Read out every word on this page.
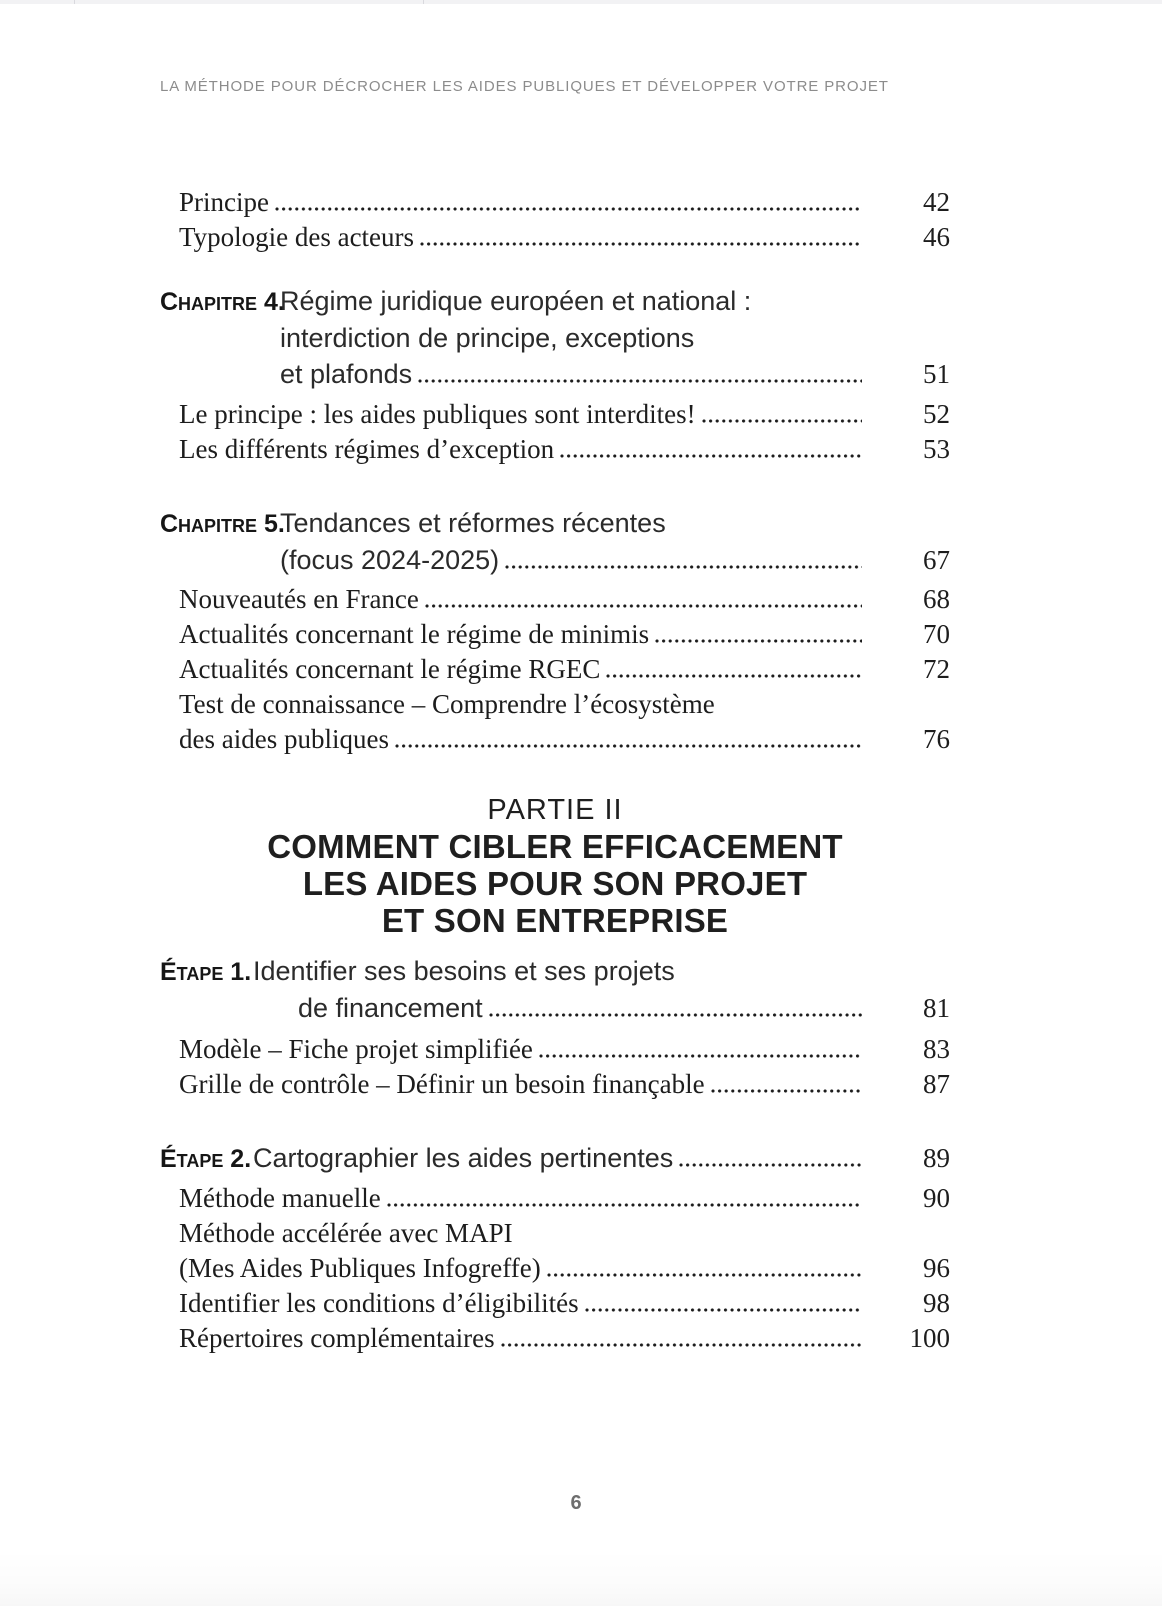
LA MÉTHODE POUR DÉCROCHER LES AIDES PUBLIQUES ET DÉVELOPPER VOTRE PROJET
Principe	42
Typologie des acteurs	46
Chapitre 4.
Régime juridique européen et national :
interdiction de principe, exceptions
et plafonds	51
Le principe : les aides publiques sont interdites!	52
Les différents régimes d’exception	53
Chapitre 5.
Tendances et réformes récentes
(focus 2024-2025)	67
Nouveautés en France	68
Actualités concernant le régime de minimis	70
Actualités concernant le régime RGEC	72
Test de connaissance – Comprendre l’écosystème
des aides publiques	76
PARTIE II
COMMENT CIBLER EFFICACEMENT
LES AIDES POUR SON PROJET
ET SON ENTREPRISE
Étape 1. Identifier ses besoins et ses projets
de financement	81
Modèle – Fiche projet simplifiée	83
Grille de contrôle – Définir un besoin finançable	87
Étape 2. Cartographier les aides pertinentes	89
Méthode manuelle	90
Méthode accélérée avec MAPI
(Mes Aides Publiques Infogreffe)	96
Identifier les conditions d’éligibilités	98
Répertoires complémentaires	100
6
